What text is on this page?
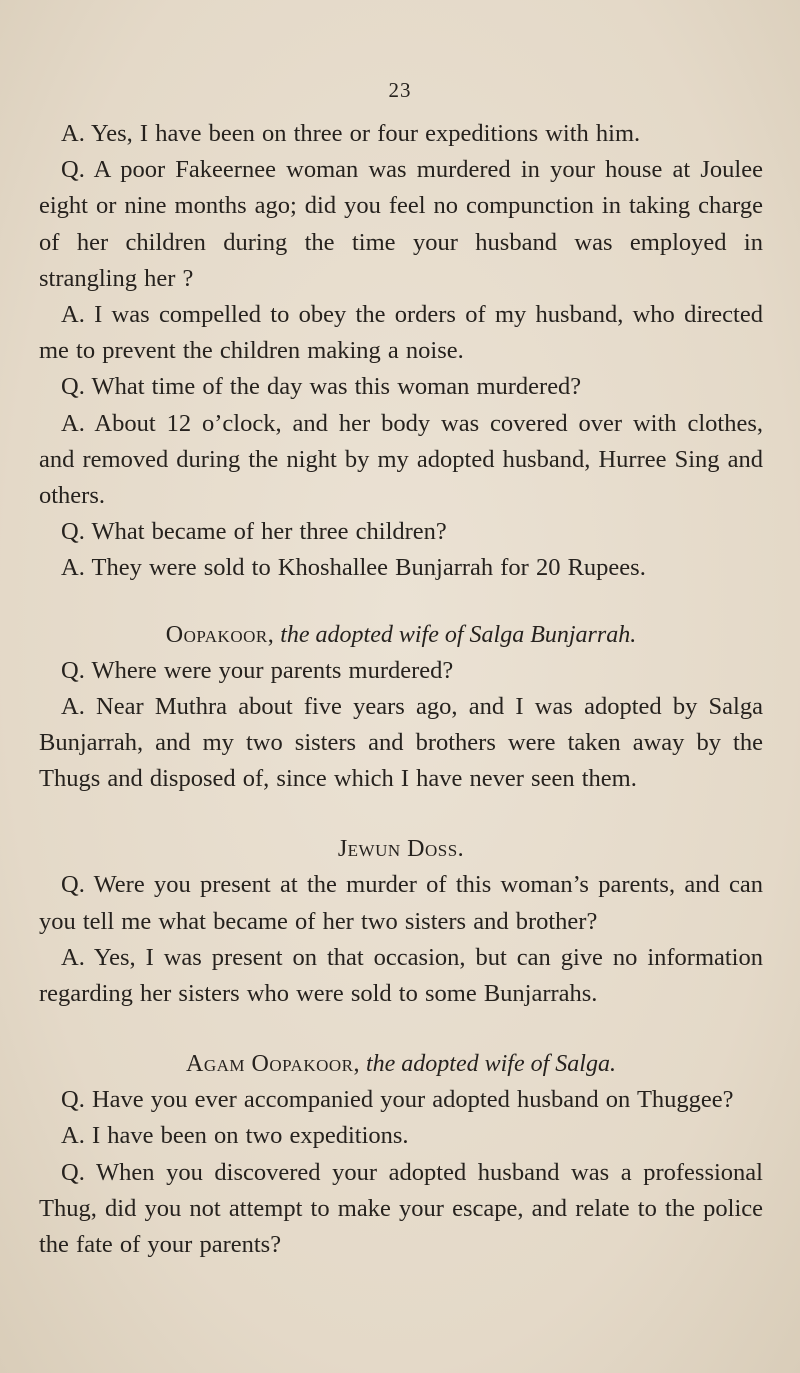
23

A. Yes, I have been on three or four expeditions with him.

Q. A poor Fakeernee woman was murdered in your house at Joulee eight or nine months ago; did you feel no compunction in taking charge of her children during the time your husband was employed in strangling her ?

A. I was compelled to obey the orders of my husband, who directed me to prevent the children making a noise.

Q. What time of the day was this woman murdered?

A. About 12 o’clock, and her body was covered over with clothes, and removed during the night by my adopted husband, Hurree Sing and others.

Q. What became of her three children?

A. They were sold to Khoshallee Bunjarrah for 20 Rupees.

Oopakoor, the adopted wife of Salga Bunjarrah.

Q. Where were your parents murdered?

A. Near Muthra about five years ago, and I was adopted by Salga Bunjarrah, and my two sisters and brothers were taken away by the Thugs and disposed of, since which I have never seen them.

Jewun Doss.

Q. Were you present at the murder of this woman’s parents, and can you tell me what became of her two sisters and brother?

A. Yes, I was present on that occasion, but can give no information regarding her sisters who were sold to some Bunjarrahs.

Agam Oopakoor, the adopted wife of Salga.

Q. Have you ever accompanied your adopted husband on Thuggee?

A. I have been on two expeditions.

Q. When you discovered your adopted husband was a professional Thug, did you not attempt to make your escape, and relate to the police the fate of your parents?
